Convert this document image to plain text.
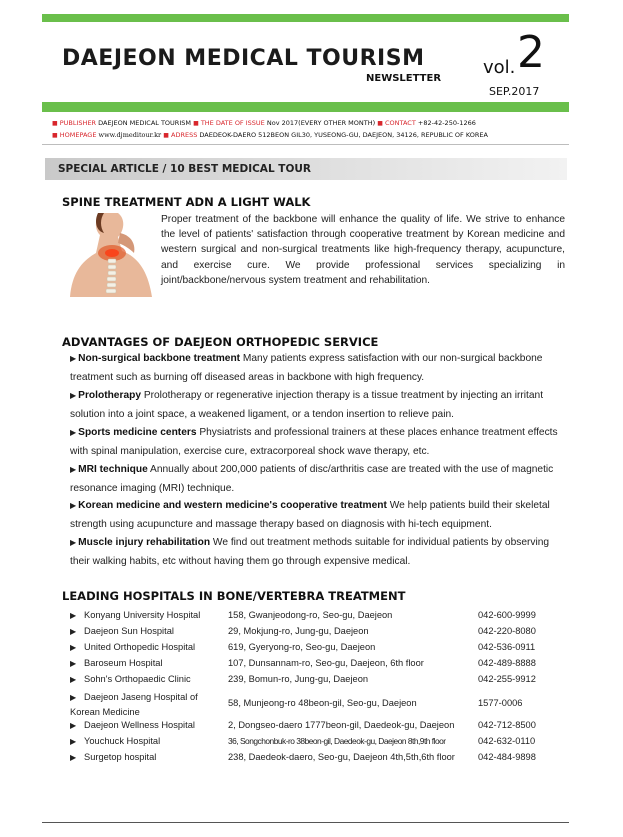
DAEJEON MEDICAL TOURISM
NEWSLETTER
vol. 2
SEP.2017
■ PUBLISHER DAEJEON MEDICAL TOURISM ■ THE DATE OF ISSUE Nov 2017(EVERY OTHER MONTH) ■ CONTACT +82-42-250-1266
■ HOMEPAGE www.djmeditour.kr ■ ADRESS DAEDEOK-DAERO 512BEON GIL30, YUSEONG-GU, DAEJEON, 34126, REPUBLIC OF KOREA
SPECIAL ARTICLE / 10 BEST MEDICAL TOUR
SPINE TREATMENT ADN A LIGHT WALK
Proper treatment of the backbone will enhance the quality of life. We strive to enhance the level of patients' satisfaction through cooperative treatment by Korean medicine and western surgical and non-surgical treatments like high-frequency therapy, acupuncture, and exercise cure. We provide professional services specializing in joint/backbone/nervous system treatment and rehabilitation.
ADVANTAGES OF DAEJEON ORTHOPEDIC SERVICE
▶ Non-surgical backbone treatment Many patients express satisfaction with our non-surgical backbone treatment such as burning off diseased areas in backbone with high frequency.
▶ Prolotherapy Prolotherapy or regenerative injection therapy is a tissue treatment by injecting an irritant solution into a joint space, a weakened ligament, or a tendon insertion to relieve pain.
▶ Sports medicine centers Physiatrists and professional trainers at these places enhance treatment effects with spinal manipulation, exercise cure, extracorporeal shock wave therapy, etc.
▶ MRI technique Annually about 200,000 patients of disc/arthritis case are treated with the use of magnetic resonance imaging (MRI) technique.
▶ Korean medicine and western medicine's cooperative treatment We help patients build their skeletal strength using acupuncture and massage therapy based on diagnosis with hi-tech equipment.
▶ Muscle injury rehabilitation We find out treatment methods suitable for individual patients by observing their walking habits, etc without having them go through expensive medical.
LEADING HOSPITALS IN BONE/VERTEBRA TREATMENT
▶ Konyang University Hospital	158, Gwanjeodong-ro, Seo-gu, Daejeon	042-600-9999
▶ Daejeon Sun Hospital	29, Mokjung-ro, Jung-gu, Daejeon	042-220-8080
▶ United Orthopedic Hospital	619, Gyeryong-ro, Seo-gu, Daejeon	042-536-0911
▶ Baroseum Hospital	107, Dunsannam-ro, Seo-gu, Daejeon, 6th floor	042-489-8888
▶ Sohn's Orthopaedic Clinic	239, Bomun-ro, Jung-gu, Daejeon	042-255-9912
▶ Daejeon Jaseng Hospital of Korean Medicine
58, Munjeong-ro 48beon-gil, Seo-gu, Daejeon	1577-0006
▶ Daejeon Wellness Hospital	2, Dongseo-daero 1777beon-gil, Daedeok-gu, Daejeon	042-712-8500
▶ Youchuck Hospital	36, Songchonbuk-ro 38beon-gil, Daedeok-gu, Daejeon 8th,9th floor	042-632-0110
▶ Surgetop hospital	238, Daedeok-daero, Seo-gu, Daejeon 4th,5th,6th floor 042-484-9898
